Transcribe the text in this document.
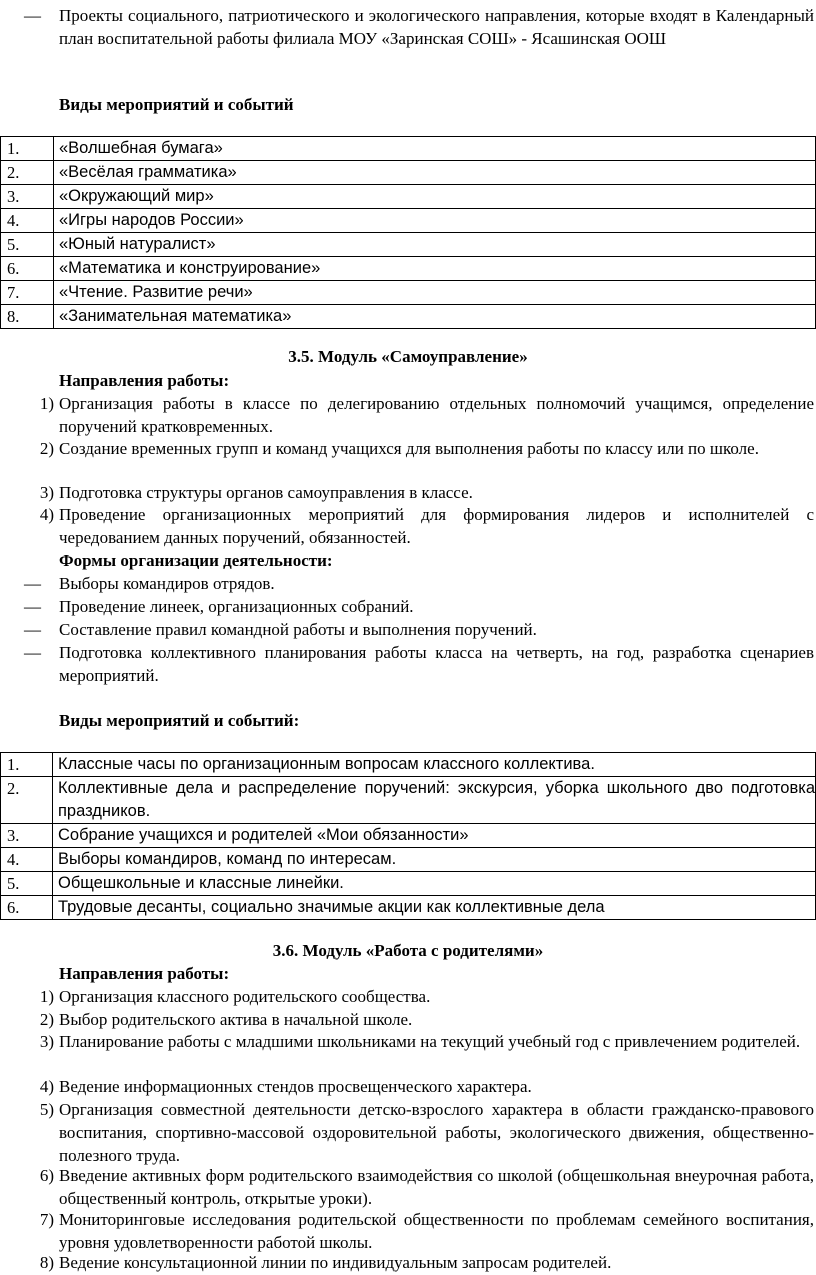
—	Проекты социального, патриотического и экологического направления, которые входят в Календарный план воспитательной работы филиала МОУ «Заринская СОШ» - Ясашинская ООШ
Виды мероприятий и событий
1.	«Волшебная бумага»
2.	«Весёлая грамматика»
3.	«Окружающий мир»
4.	«Игры народов России»
5.	«Юный натуралист»
6.	«Математика и конструирование»
7.	«Чтение. Развитие речи»
8.	«Занимательная математика»
3.5. Модуль «Самоуправление»
Направления работы:
1) Организация работы в классе по делегированию отдельных полномочий учащимся, определение поручений кратковременных.
2) Создание временных групп и команд учащихся для выполнения работы по классу или по школе.
3) Подготовка структуры органов самоуправления в классе.
4) Проведение организационных мероприятий для формирования лидеров и исполнителей с чередованием данных поручений, обязанностей.
Формы организации деятельности:
—	Выборы командиров отрядов.
—	Проведение линеек, организационных собраний.
—	Составление правил командной работы и выполнения поручений.
—	Подготовка коллективного планирования работы класса на четверть, на год, разработка сценариев мероприятий.
Виды мероприятий и событий:
1.	Классные часы по организационным вопросам классного коллектива.
2.	Коллективные дела и распределение поручений: экскурсия, уборка школьного дво подготовка праздников.
3.	Собрание учащихся и родителей «Мои обязанности»
4.	Выборы командиров, команд по интересам.
5.	Общешкольные и классные линейки.
6.	Трудовые десанты, социально значимые акции как коллективные дела
3.6. Модуль «Работа с родителями»
Направления работы:
1) Организация классного родительского сообщества.
2) Выбор родительского актива в начальной школе.
3) Планирование работы с младшими школьниками на текущий учебный год с привлечением родителей.
4) Ведение информационных стендов просвещенческого характера.
5) Организация совместной деятельности детско-взрослого характера в области гражданско-правового воспитания, спортивно-массовой оздоровительной работы, экологического движения, общественно-полезного труда.
6) Введение активных форм родительского взаимодействия со школой (общешкольная внеурочная работа, общественный контроль, открытые уроки).
7) Мониторинговые исследования родительской общественности по проблемам семейного воспитания, уровня удовлетворенности работой школы.
8) Ведение консультационной линии по индивидуальным запросам родителей.
